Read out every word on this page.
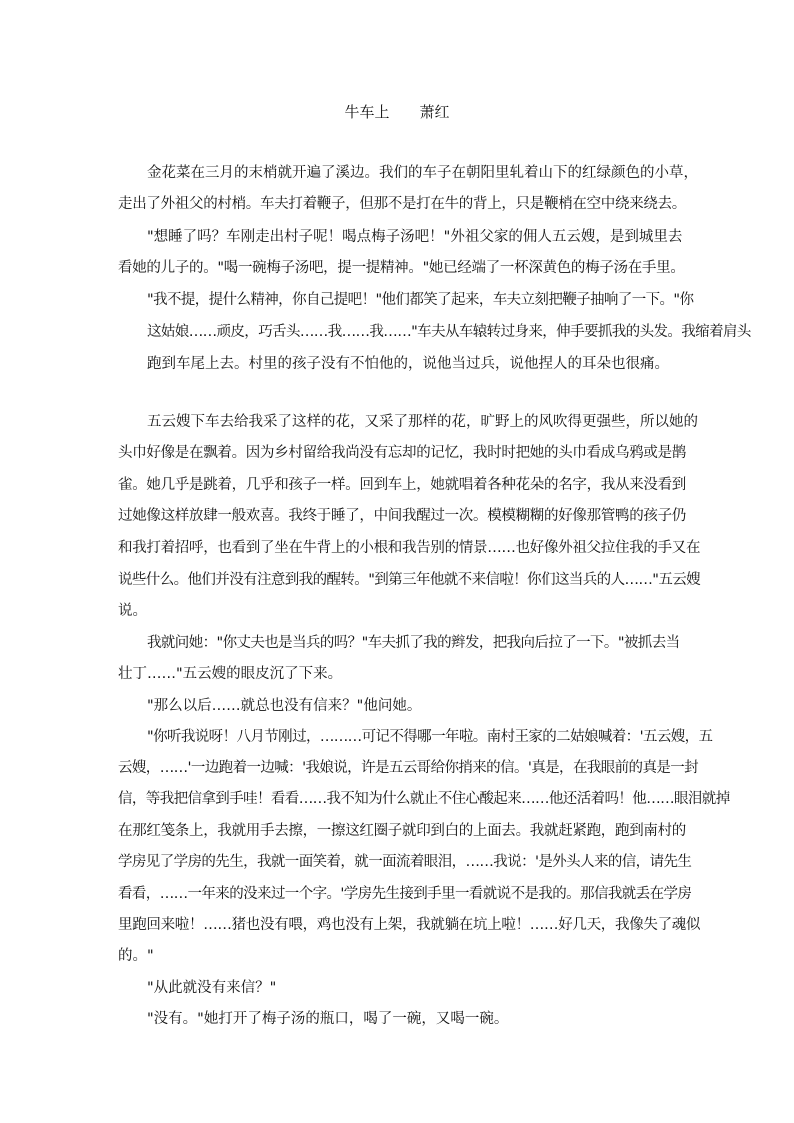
牛车上　　萧红
金花菜在三月的末梢就开遍了溪边。我们的车子在朝阳里轧着山下的红绿颜色的小草，
走出了外祖父的村梢。车夫打着鞭子，但那不是打在牛的背上，只是鞭梢在空中绕来绕去。
"想睡了吗？车刚走出村子呢！喝点梅子汤吧！"外祖父家的佣人五云嫂，是到城里去
看她的儿子的。"喝一碗梅子汤吧，提一提精神。"她已经端了一杯深黄色的梅子汤在手里。
"我不提，提什么精神，你自己提吧！"他们都笑了起来，车夫立刻把鞭子抽响了一下。"你
这姑娘……顽皮，巧舌头……我……我……"车夫从车辕转过身来，伸手要抓我的头发。我缩着肩头
跑到车尾上去。村里的孩子没有不怕他的，说他当过兵，说他捏人的耳朵也很痛。
五云嫂下车去给我采了这样的花，又采了那样的花，旷野上的风吹得更强些，所以她的
头巾好像是在飘着。因为乡村留给我尚没有忘却的记忆，我时时把她的头巾看成乌鸦或是鹊
雀。她几乎是跳着，几乎和孩子一样。回到车上，她就唱着各种花朵的名字，我从来没看到
过她像这样放肆一般欢喜。我终于睡了，中间我醒过一次。模模糊糊的好像那管鸭的孩子仍
和我打着招呼，也看到了坐在牛背上的小根和我告别的情景……也好像外祖父拉住我的手又在
说些什么。他们并没有注意到我的醒转。"到第三年他就不来信啦！你们这当兵的人……"五云嫂
说。
我就问她："你丈夫也是当兵的吗？"车夫抓了我的辫发，把我向后拉了一下。"被抓去当
壮丁……"五云嫂的眼皮沉了下来。
"那么以后……就总也没有信来？"他问她。
"你听我说呀！八月节刚过，………可记不得哪一年啦。南村王家的二姑娘喊着：'五云嫂，五
云嫂，……'一边跑着一边喊：'我娘说，许是五云哥给你捎来的信。'真是，在我眼前的真是一封
信，等我把信拿到手哇！看看……我不知为什么就止不住心酸起来……他还活着吗！他……眼泪就掉
在那红笺条上，我就用手去擦，一擦这红圈子就印到白的上面去。我就赶紧跑，跑到南村的
学房见了学房的先生，我就一面笑着，就一面流着眼泪，……我说：'是外头人来的信，请先生
看看，……一年来的没来过一个字。'学房先生接到手里一看就说不是我的。那信我就丢在学房
里跑回来啦！……猪也没有喂，鸡也没有上架，我就躺在坑上啦！……好几天，我像失了魂似
的。"
"从此就没有来信？"
"没有。"她打开了梅子汤的瓶口，喝了一碗，又喝一碗。
